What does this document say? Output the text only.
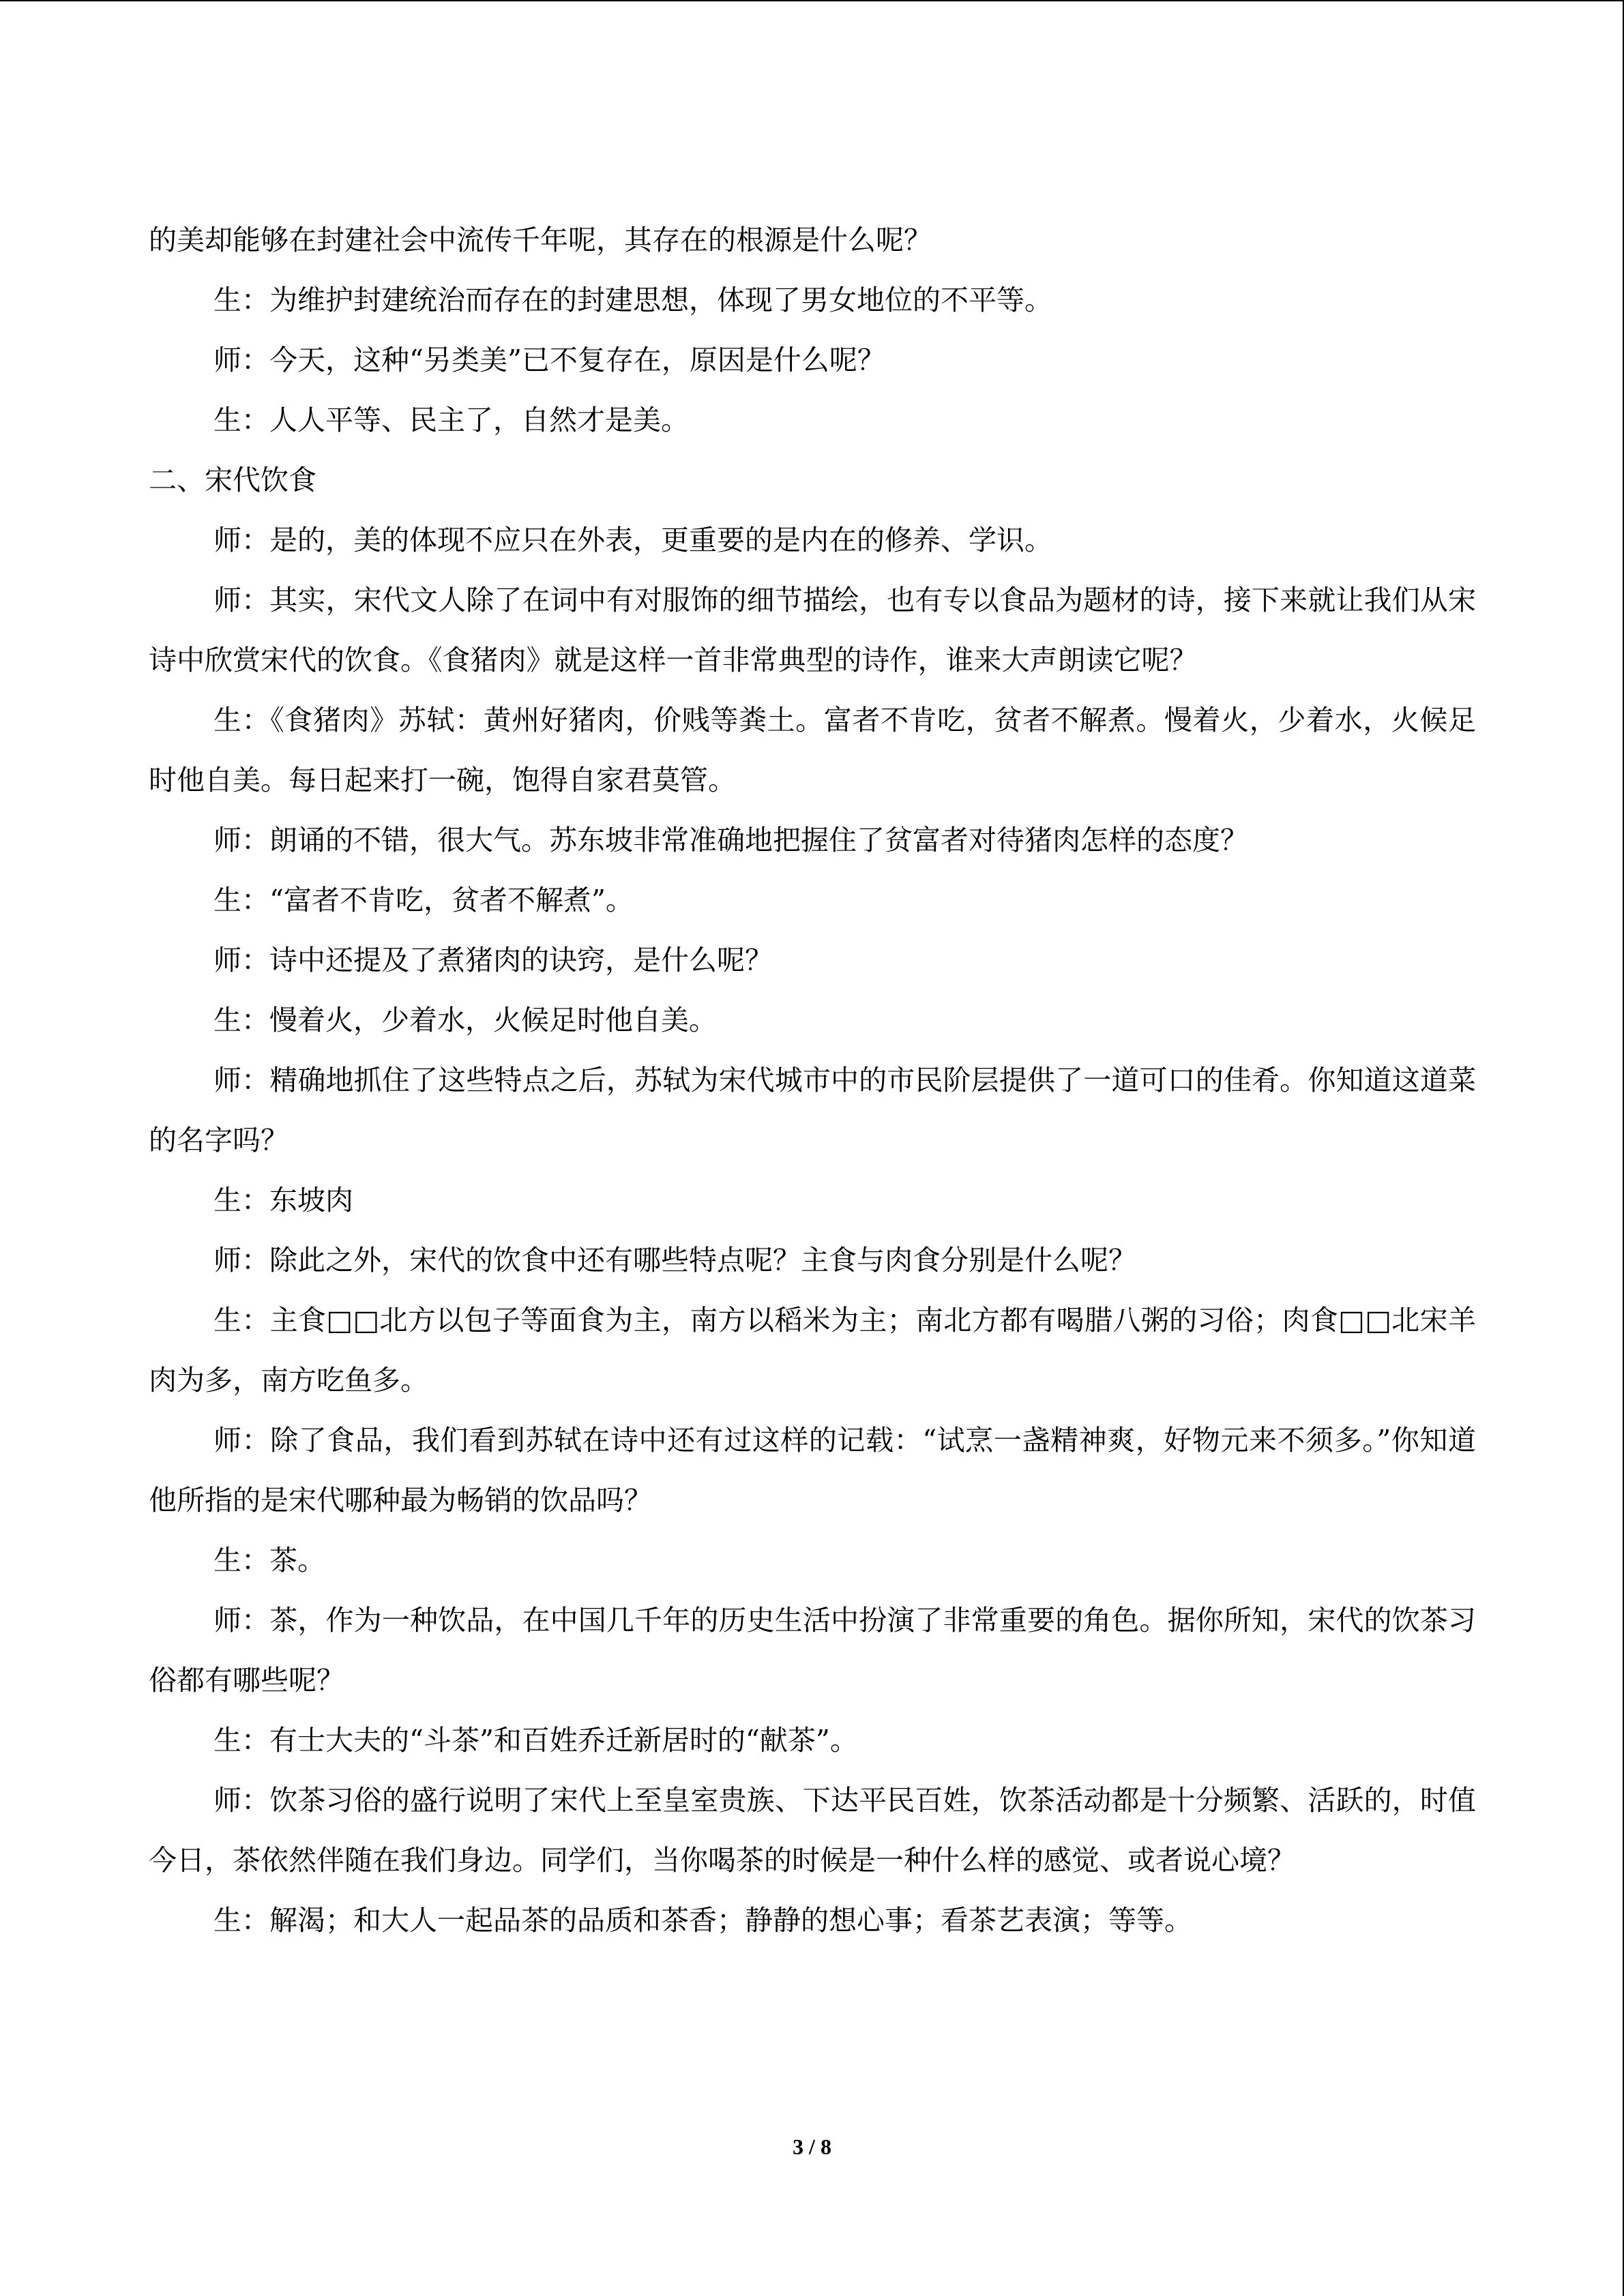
的美却能够在封建社会中流传千年呢，其存在的根源是什么呢？

生：为维护封建统治而存在的封建思想，体现了男女地位的不平等。

师：今天，这种“另类美”已不复存在，原因是什么呢？

生：人人平等、民主了，自然才是美。

二、宋代饮食

师：是的，美的体现不应只在外表，更重要的是内在的修养、学识。

师：其实，宋代文人除了在词中有对服饰的细节描绘，也有专以食品为题材的诗，接下来就让我们从宋诗中欣赏宋代的饮食。《食猪肉》就是这样一首非常典型的诗作，谁来大声朗读它呢？

生：《食猪肉》苏轼：黄州好猪肉，价贱等粪土。富者不肯吃，贫者不解煮。慢着火，少着水，火候足时他自美。每日起来打一碗，饱得自家君莫管。

师：朗诵的不错，很大气。苏东坡非常准确地把握住了贫富者对待猪肉怎样的态度？

生：“富者不肯吃，贫者不解煮”。

师：诗中还提及了煮猪肉的诀窍，是什么呢？

生：慢着火，少着水，火候足时他自美。

师：精确地抓住了这些特点之后，苏轼为宋代城市中的市民阶层提供了一道可口的佳肴。你知道这道菜的名字吗？

生：东坡肉

师：除此之外，宋代的饮食中还有哪些特点呢？主食与肉食分别是什么呢？

生：主食□□北方以包子等面食为主，南方以稻米为主；南北方都有喝腊八粥的习俗；肉食□□北宋羊肉为多，南方吃鱼多。

师：除了食品，我们看到苏轼在诗中还有过这样的记载：“试烹一盏精神爽，好物元来不须多。”你知道他所指的是宋代哪种最为畅销的饮品吗？

生：茶。

师：茶，作为一种饮品，在中国几千年的历史生活中扮演了非常重要的角色。据你所知，宋代的饮茶习俗都有哪些呢？

生：有士大夫的“斗茶”和百姓乔迁新居时的“献茶”。

师：饮茶习俗的盛行说明了宋代上至皇室贵族、下达平民百姓，饮茶活动都是十分频繁、活跃的，时值今日，茶依然伴随在我们身边。同学们，当你喝茶的时候是一种什么样的感觉、或者说心境？

生：解渴；和大人一起品茶的品质和茶香；静静的想心事；看茶艺表演；等等。

3 / 8
